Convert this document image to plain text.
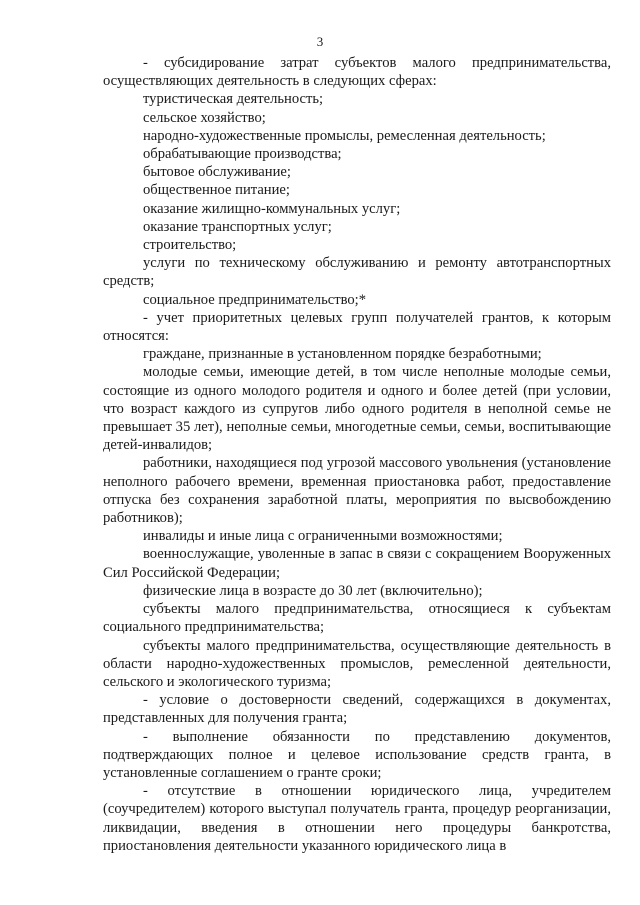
3

- субсидирование затрат субъектов малого предпринимательства, осуществляющих деятельность в следующих сферах:

туристическая деятельность;

сельское хозяйство;

народно-художественные промыслы, ремесленная деятельность;

обрабатывающие производства;

бытовое обслуживание;

общественное питание;

оказание жилищно-коммунальных услуг;

оказание транспортных услуг;

строительство;

услуги по техническому обслуживанию и ремонту автотранспортных средств;

социальное предпринимательство;*

- учет приоритетных целевых групп получателей грантов, к которым относятся:

граждане, признанные в установленном порядке безработными;

молодые семьи, имеющие детей, в том числе неполные молодые семьи, состоящие из одного молодого родителя и одного и более детей (при условии, что возраст каждого из супругов либо одного родителя в неполной семье не превышает 35 лет), неполные семьи, многодетные семьи, семьи, воспитывающие детей-инвалидов;

работники, находящиеся под угрозой массового увольнения (установление неполного рабочего времени, временная приостановка работ, предоставление отпуска без сохранения заработной платы, мероприятия по высвобождению работников);

инвалиды и иные лица с ограниченными возможностями;

военнослужащие, уволенные в запас в связи с сокращением Вооруженных Сил Российской Федерации;

физические лица в возрасте до 30 лет (включительно);

субъекты малого предпринимательства, относящиеся к субъектам социального предпринимательства;

субъекты малого предпринимательства, осуществляющие деятельность в области народно-художественных промыслов, ремесленной деятельности, сельского и экологического туризма;

- условие о достоверности сведений, содержащихся в документах, представленных для получения гранта;

- выполнение обязанности по представлению документов, подтверждающих полное и целевое использование средств гранта, в установленные соглашением о гранте сроки;

- отсутствие в отношении юридического лица, учредителем (соучредителем) которого выступал получатель гранта, процедур реорганизации, ликвидации, введения в отношении него процедуры банкротства, приостановления деятельности указанного юридического лица в
